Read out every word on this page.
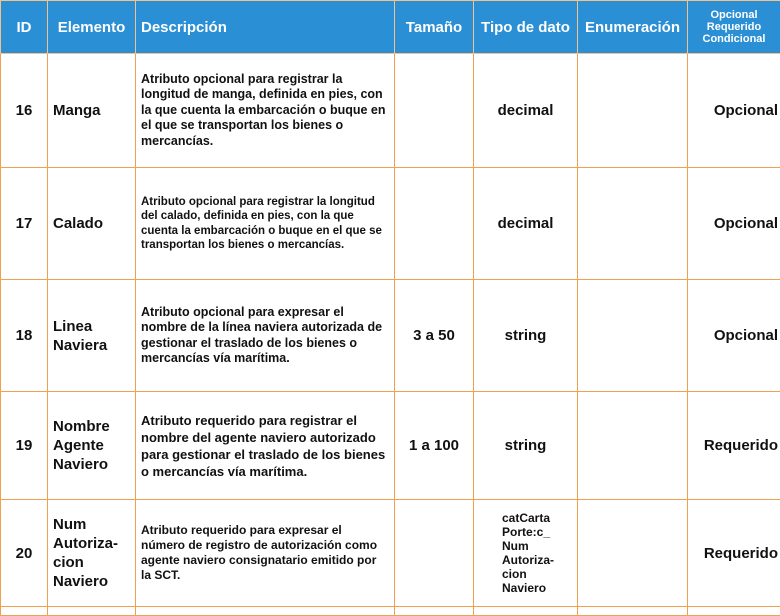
ID	Elemento	Descripción	Tamaño	Tipo de dato	Enumeración	Opcional Requerido Condicional
16	Manga	Atributo opcional para registrar la longitud de manga, definida en pies, con la que cuenta la embarcación o buque en el que se transportan los bienes o mercancías.		decimal		Opcional
17	Calado	Atributo opcional para registrar la longitud del calado, definida en pies, con la que cuenta la embarcación o buque en el que se transportan los bienes o mercancías.		decimal		Opcional
18	Linea Naviera	Atributo opcional para expresar el nombre de la línea naviera autorizada de gestionar el traslado de los bienes o mercancías vía marítima.	3 a 50	string		Opcional
19	Nombre Agente Naviero	Atributo requerido para registrar el nombre del agente naviero autorizado para gestionar el traslado de los bienes o mercancías vía marítima.	1 a 100	string		Requerido
20	Num Autoriza-cion Naviero	Atributo requerido para expresar el número de registro de autorización como agente naviero consignatario emitido por la SCT.		catCarta Porte:c_ Num Autoriza-cion Naviero		Requerido
